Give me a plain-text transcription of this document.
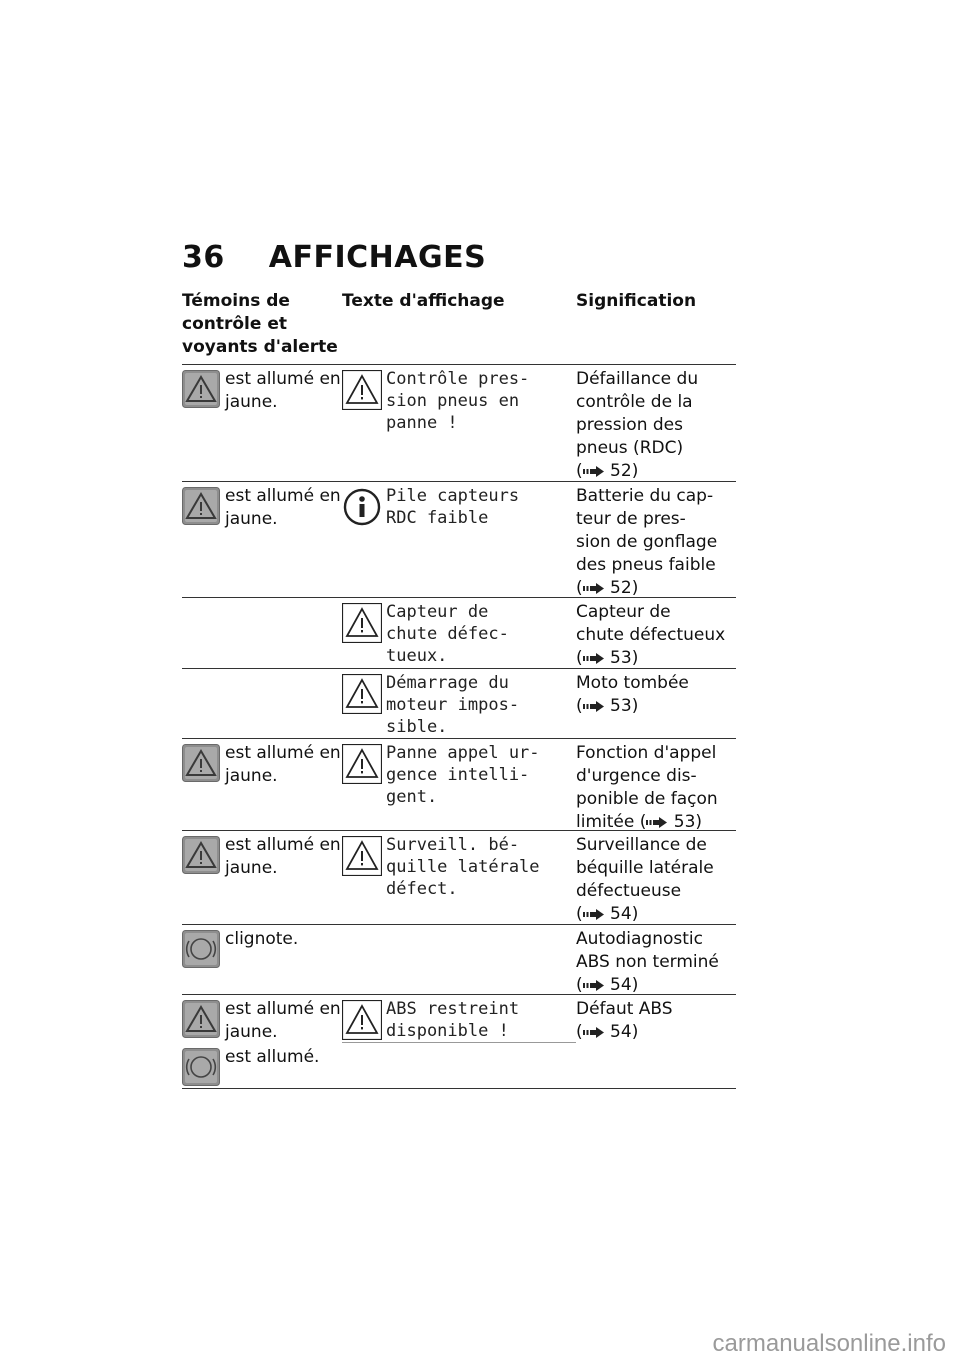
36 AFFICHAGES
Témoins de contrôle et voyants d'alerte
Texte d'affichage	Signification
est allumé en jaune.
Contrôle pres-
sion pneus en
panne !
Défaillance du
contrôle de la
pression des
pneus (RDC)
( 52)
est allumé en jaune.
Pile capteurs
RDC faible
Batterie du cap-
teur de pres-
sion de gonflage
des pneus faible
( 52)
Capteur de
chute défec-
tueux.
Capteur de
chute défectueux
( 53)
Démarrage du
moteur impos-
sible.
Moto tombée
( 53)
est allumé en jaune.
Panne appel ur-
gence intelli-
gent.
Fonction d'appel
d'urgence dis-
ponible de façon
limitée ( 53)
est allumé en jaune.
Surveill. bé-
quille latérale
défect.
Surveillance de
béquille latérale
défectueuse
( 54)
clignote.	Autodiagnostic
ABS non terminé
( 54)
est allumé en jaune.
est allumé.
ABS restreint
disponible !
Défaut ABS
( 54)
carmanualsonline.info
